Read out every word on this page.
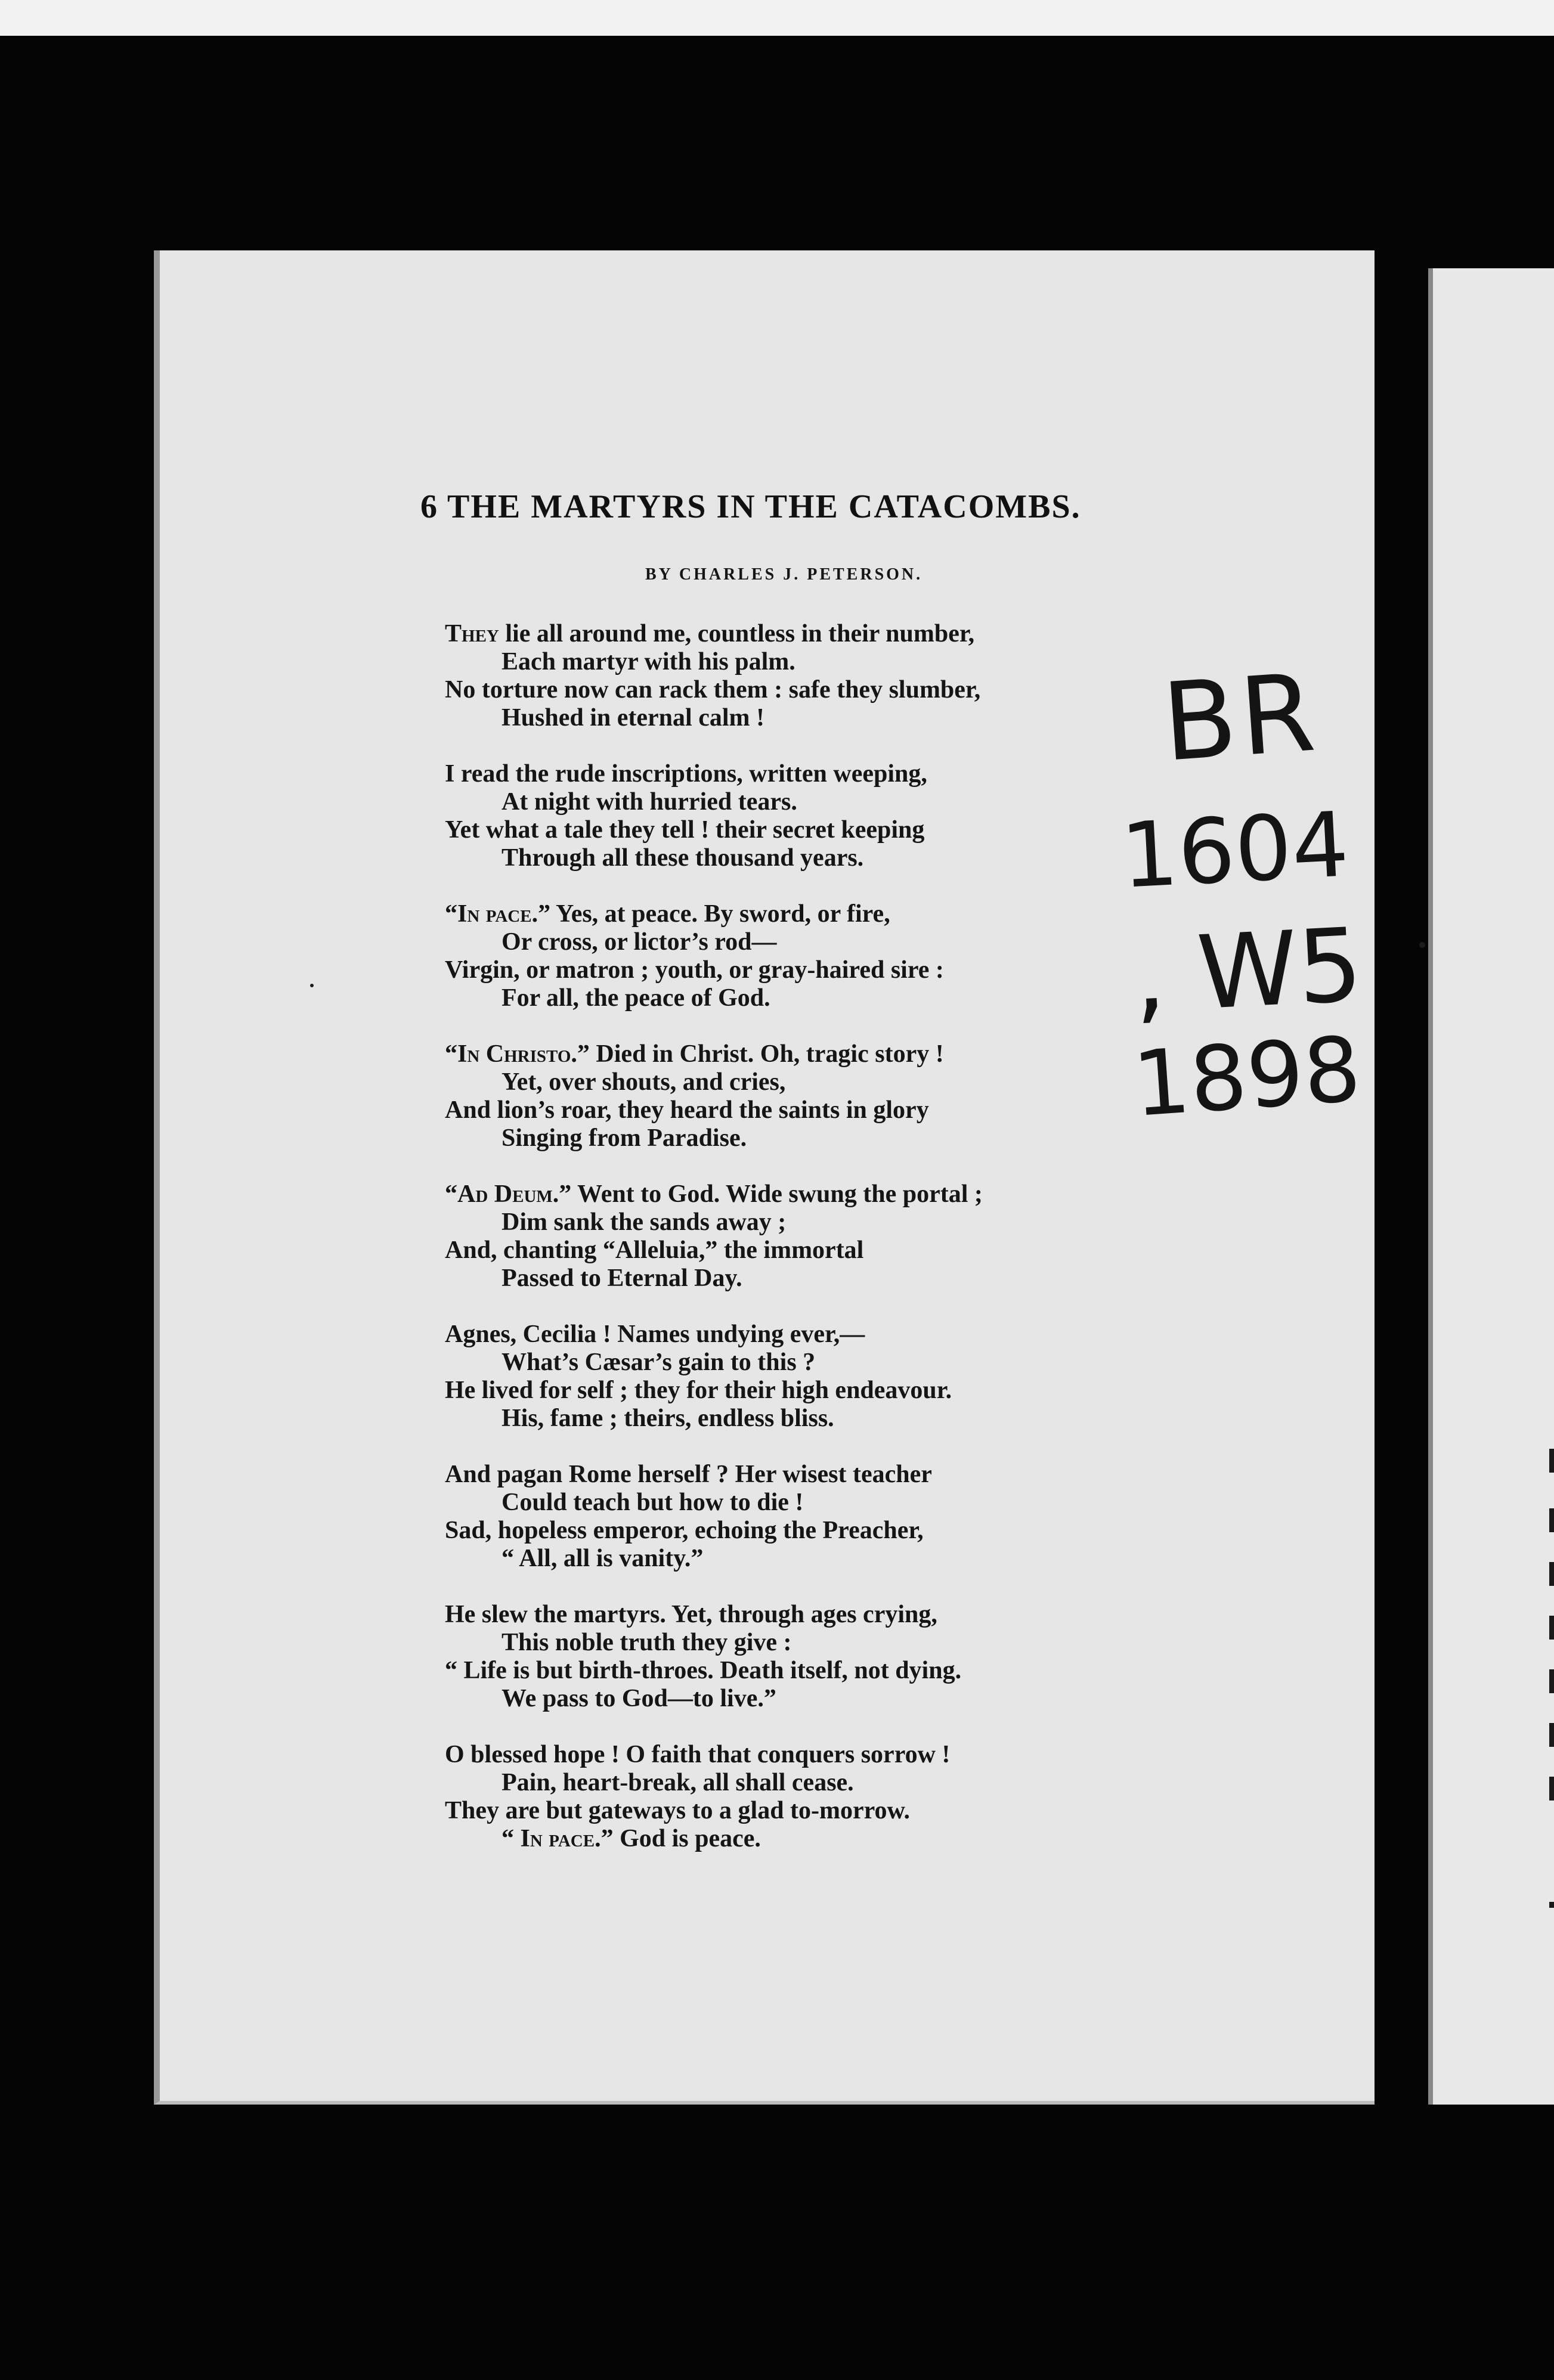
6 THE MARTYRS IN THE CATACOMBS.
BY CHARLES J. PETERSON.
They lie all around me, countless in their number,
Each martyr with his palm.
No torture now can rack them : safe they slumber,
Hushed in eternal calm !
I read the rude inscriptions, written weeping,
At night with hurried tears.
Yet what a tale they tell ! their secret keeping
Through all these thousand years.
“In pace.” Yes, at peace. By sword, or fire,
Or cross, or lictor’s rod—
Virgin, or matron ; youth, or gray-haired sire :
For all, the peace of God.
“In Christo.” Died in Christ. Oh, tragic story !
Yet, over shouts, and cries,
And lion’s roar, they heard the saints in glory
Singing from Paradise.
“Ad Deum.” Went to God. Wide swung the portal ;
Dim sank the sands away ;
And, chanting “Alleluia,” the immortal
Passed to Eternal Day.
Agnes, Cecilia ! Names undying ever,—
What’s Cæsar’s gain to this ?
He lived for self ; they for their high endeavour.
His, fame ; theirs, endless bliss.
And pagan Rome herself ? Her wisest teacher
Could teach but how to die !
Sad, hopeless emperor, echoing the Preacher,
“ All, all is vanity.”
He slew the martyrs. Yet, through ages crying,
This noble truth they give :
“ Life is but birth-throes. Death itself, not dying.
We pass to God—to live.”
O blessed hope ! O faith that conquers sorrow !
Pain, heart-break, all shall cease.
They are but gateways to a glad to-morrow.
“ In pace.” God is peace.
BR
1604
, W5
1898
